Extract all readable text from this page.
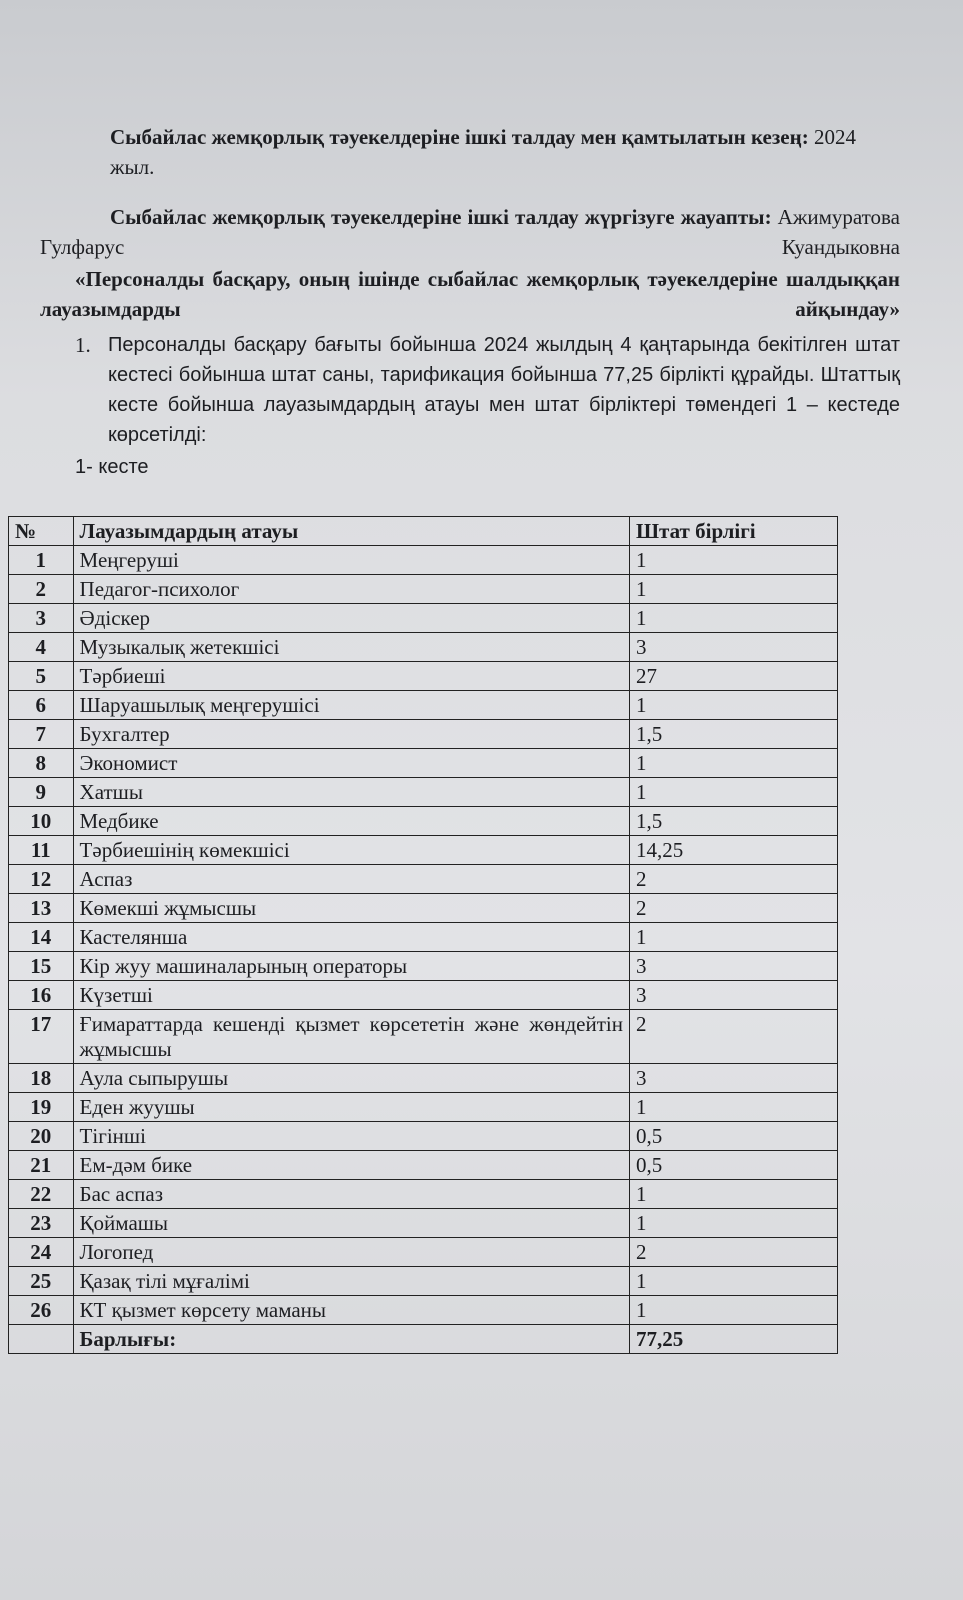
Сыбайлас жемқорлық тәуекелдеріне ішкі талдау мен қамтылатын кезең: 2024 жыл.
Сыбайлас жемқорлық тәуекелдеріне ішкі талдау жүргізуге жауапты: Ажимуратова Гулфарус Куандыковна
«Персоналды басқару, оның ішінде сыбайлас жемқорлық тәуекелдеріне шалдыққан лауазымдарды айқындау»
1. Персоналды басқару бағыты бойынша 2024 жылдың 4 қаңтарында бекітілген штат кестесі бойынша штат саны, тарификация бойынша 77,25 бірлікті құрайды. Штаттық кесте бойынша лауазымдардың атауы мен штат бірліктері төмендегі 1 – кестеде көрсетілді:
1- кесте
№	Лауазымдардың атауы	Штат бірлігі
1	Меңгеруші	1
2	Педагог-психолог	1
3	Әдіскер	1
4	Музыкалық жетекшісі	3
5	Тәрбиеші	27
6	Шаруашылық меңгерушісі	1
7	Бухгалтер	1,5
8	Экономист	1
9	Хатшы	1
10	Медбике	1,5
11	Тәрбиешінің көмекшісі	14,25
12	Аспаз	2
13	Көмекші жұмысшы	2
14	Кастелянша	1
15	Кір жуу машиналарының операторы	3
16	Күзетші	3
17	Ғимараттарда кешенді қызмет көрсететін және жөндейтін жұмысшы	2
18	Аула сыпырушы	3
19	Еден жуушы	1
20	Тігінші	0,5
21	Ем-дәм бике	0,5
22	Бас аспаз	1
23	Қоймашы	1
24	Логопед	2
25	Қазақ тілі мұғалімі	1
26	КТ қызмет көрсету маманы	1
	Барлығы:	77,25
